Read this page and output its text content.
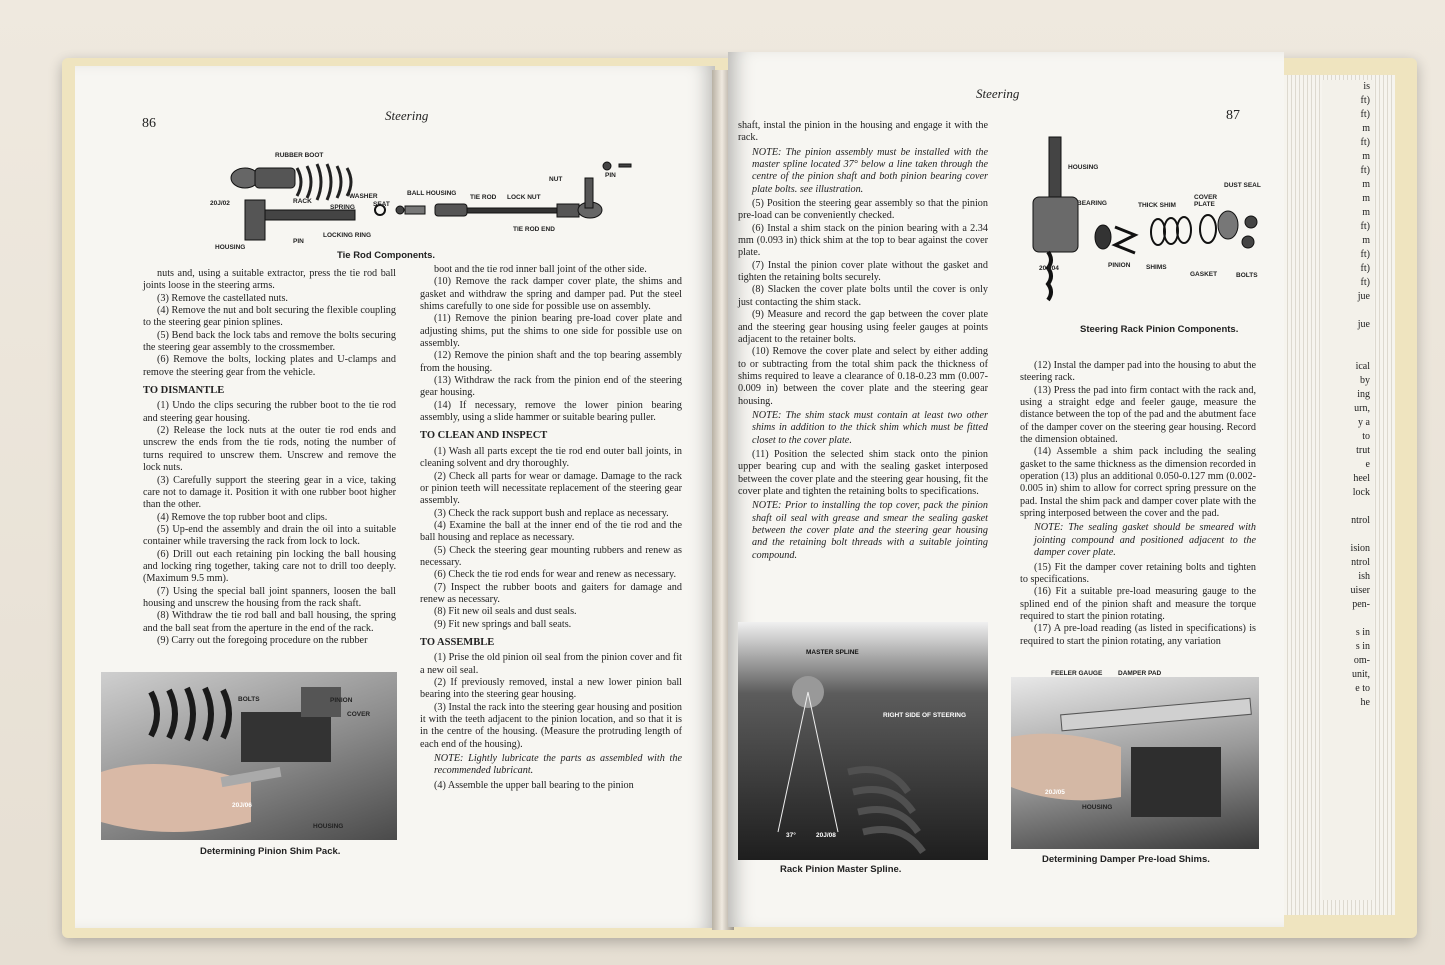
is
ft)
ft)
m
ft)
m
ft)
m
m
m
ft)
m
ft)
ft)
ft)
jue

jue

ical
by
ing
urn,
y a
to
trut
e
heel
lock

ntrol

ision
ntrol
ish
uiser
pen-

s in
s in
om-
unit,
e to
he
86
Steering
RUBBER BOOT
20J/02	RACK
SPRING
WASHER
SEAT
BALL HOUSING
TIE ROD LOCK NUT
NUT
PIN
HOUSING
PIN
LOCKING RING
TIE ROD END
Tie Rod Components.

nuts and, using a suitable extractor, press the tie rod ball joints loose in the steering arms.

(3) Remove the castellated nuts.

(4) Remove the nut and bolt securing the flexible coupling to the steering gear pinion splines.

(5) Bend back the lock tabs and remove the bolts securing the steering gear assembly to the crossmember.

(6) Remove the bolts, locking plates and U-clamps and remove the steering gear from the vehicle.

TO DISMANTLE

(1) Undo the clips securing the rubber boot to the tie rod and steering gear housing.

(2) Release the lock nuts at the outer tie rod ends and unscrew the ends from the tie rods, noting the number of turns required to unscrew them. Unscrew and remove the lock nuts.

(3) Carefully support the steering gear in a vice, taking care not to damage it. Position it with one rubber boot higher than the other.

(4) Remove the top rubber boot and clips.

(5) Up-end the assembly and drain the oil into a suitable container while traversing the rack from lock to lock.

(6) Drill out each retaining pin locking the ball housing and locking ring together, taking care not to drill too deeply. (Maximum 9.5 mm).

(7) Using the special ball joint spanners, loosen the ball housing and unscrew the housing from the rack shaft.

(8) Withdraw the tie rod ball and ball housing, the spring and the ball seat from the aperture in the end of the rack.

(9) Carry out the foregoing procedure on the rubber

boot and the tie rod inner ball joint of the other side.

(10) Remove the rack damper cover plate, the shims and gasket and withdraw the spring and damper pad. Put the steel shims carefully to one side for possible use on assembly.

(11) Remove the pinion bearing pre-load cover plate and adjusting shims, put the shims to one side for possible use on assembly.

(12) Remove the pinion shaft and the top bearing assembly from the housing.

(13) Withdraw the rack from the pinion end of the steering gear housing.

(14) If necessary, remove the lower pinion bearing assembly, using a slide hammer or suitable bearing puller.

TO CLEAN AND INSPECT

(1) Wash all parts except the tie rod end outer ball joints, in cleaning solvent and dry thoroughly.

(2) Check all parts for wear or damage. Damage to the rack or pinion teeth will necessitate replacement of the steering gear assembly.

(3) Check the rack support bush and replace as necessary.

(4) Examine the ball at the inner end of the tie rod and the ball housing and replace as necessary.

(5) Check the steering gear mounting rubbers and renew as necessary.

(6) Check the tie rod ends for wear and renew as necessary.

(7) Inspect the rubber boots and gaiters for damage and renew as necessary.

(8) Fit new oil seals and dust seals.

(9) Fit new springs and ball seats.

TO ASSEMBLE

(1) Prise the old pinion oil seal from the pinion cover and fit a new oil seal.

(2) If previously removed, instal a new lower pinion ball bearing into the steering gear housing.

(3) Instal the rack into the steering gear housing and position it with the teeth adjacent to the pinion location, and so that it is in the centre of the housing. (Measure the protruding length of each end of the housing).

NOTE: Lightly lubricate the parts as assembled with the recommended lubricant.

(4) Assemble the upper ball bearing to the pinion

BOLTS	PINION
COVER
20J/06
HOUSING
Determining Pinion Shim Pack.
Steering
87

shaft, instal the pinion in the housing and engage it with the rack.

NOTE: The pinion assembly must be installed with the master spline located 37° below a line taken through the centre of the pinion shaft and both pinion bearing cover plate bolts. see illustration.

(5) Position the steering gear assembly so that the pinion pre-load can be conveniently checked.

(6) Instal a shim stack on the pinion bearing with a 2.34 mm (0.093 in) thick shim at the top to bear against the cover plate.

(7) Instal the pinion cover plate without the gasket and tighten the retaining bolts securely.

(8) Slacken the cover plate bolts until the cover is only just contacting the shim stack.

(9) Measure and record the gap between the cover plate and the steering gear housing using feeler gauges at points adjacent to the retainer bolts.

(10) Remove the cover plate and select by either adding to or subtracting from the total shim pack the thickness of shims required to leave a clearance of 0.18-0.23 mm (0.007-0.009 in) between the cover plate and the steering gear housing.

NOTE: The shim stack must contain at least two other shims in addition to the thick shim which must be fitted closet to the cover plate.

(11) Position the selected shim stack onto the pinion upper bearing cup and with the sealing gasket interposed between the cover plate and the steering gear housing, fit the cover plate and tighten the retaining bolts to specifications.

NOTE: Prior to installing the top cover, pack the pinion shaft oil seal with grease and smear the sealing gasket between the cover plate and the steering gear housing and the retaining bolt threads with a suitable jointing compound.

HOUSING
DUST SEAL
BEARING	THICK SHIM
COVER PLATE
20J/04	PINION SHIMS
GASKET	BOLTS
Steering Rack Pinion Components.

(12) Instal the damper pad into the housing to abut the steering rack.

(13) Press the pad into firm contact with the rack and, using a straight edge and feeler gauge, measure the distance between the top of the pad and the abutment face of the damper cover on the steering gear housing. Record the dimension obtained.

(14) Assemble a shim pack including the sealing gasket to the same thickness as the dimension recorded in operation (13) plus an additional 0.050-0.127 mm (0.002-0.005 in) shim to allow for correct spring pressure on the pad. Instal the shim pack and damper cover plate with the spring interposed between the cover and the pad.

NOTE: The sealing gasket should be smeared with jointing compound and positioned adjacent to the damper cover plate.

(15) Fit the damper cover retaining bolts and tighten to specifications.

(16) Fit a suitable pre-load measuring gauge to the splined end of the pinion shaft and measure the torque required to start the pinion rotating.

(17) A pre-load reading (as listed in specifications) is required to start the pinion rotating, any variation

MASTER SPLINE
RIGHT SIDE OF STEERING
37°	20J/08
Rack Pinion Master Spline.
FEELER GAUGE DAMPER PAD
20J/05
HOUSING
Determining Damper Pre-load Shims.
